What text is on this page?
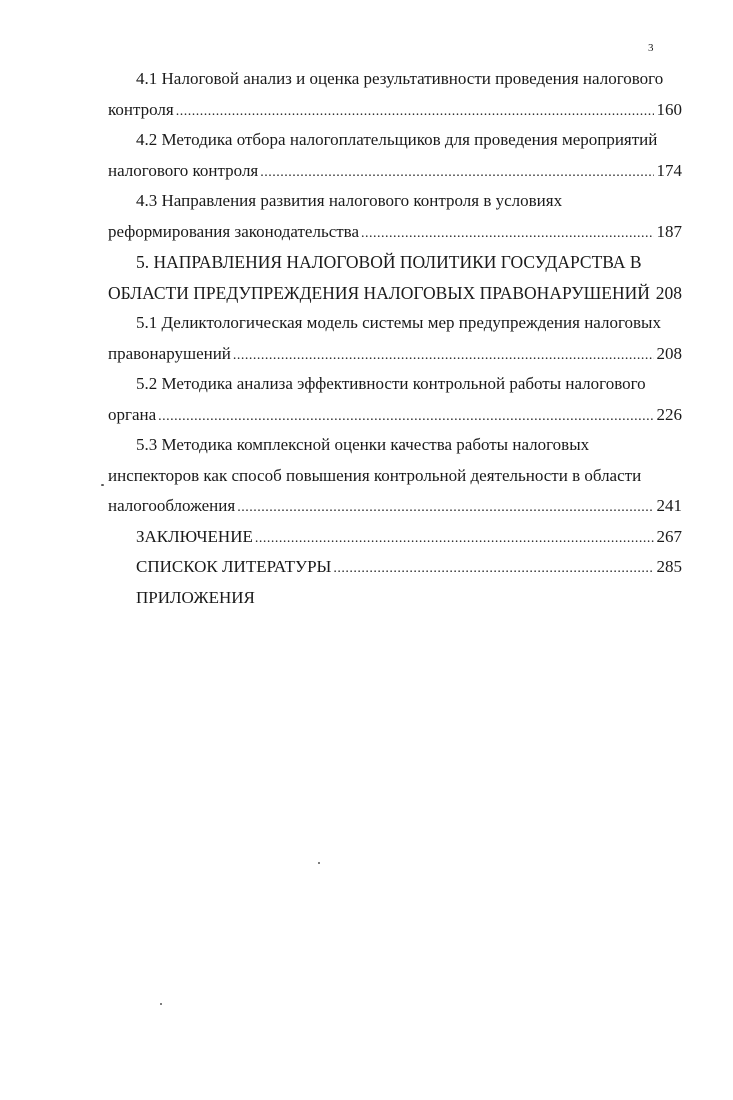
3
4.1 Налоговой анализ и оценка результативности проведения налогового
контроля .....	160
4.2 Методика отбора налогоплательщиков для проведения мероприятий
налогового контроля .....	174
4.3 Направления развития налогового контроля в условиях
реформирования законодательства .....	187
5. НАПРАВЛЕНИЯ НАЛОГОВОЙ ПОЛИТИКИ ГОСУДАРСТВА В
ОБЛАСТИ ПРЕДУПРЕЖДЕНИЯ НАЛОГОВЫХ ПРАВОНАРУШЕНИЙ 208
5.1 Деликтологическая модель системы мер предупреждения налоговых
правонарушений .....	208
5.2 Методика анализа эффективности контрольной работы налогового
органа .....	226
5.3 Методика комплексной оценки качества работы налоговых
инспекторов как способ повышения контрольной деятельности в области
налогообложения .....	241
ЗАКЛЮЧЕНИЕ .....	267
СПИСКОК ЛИТЕРАТУРЫ .....	285
ПРИЛОЖЕНИЯ
